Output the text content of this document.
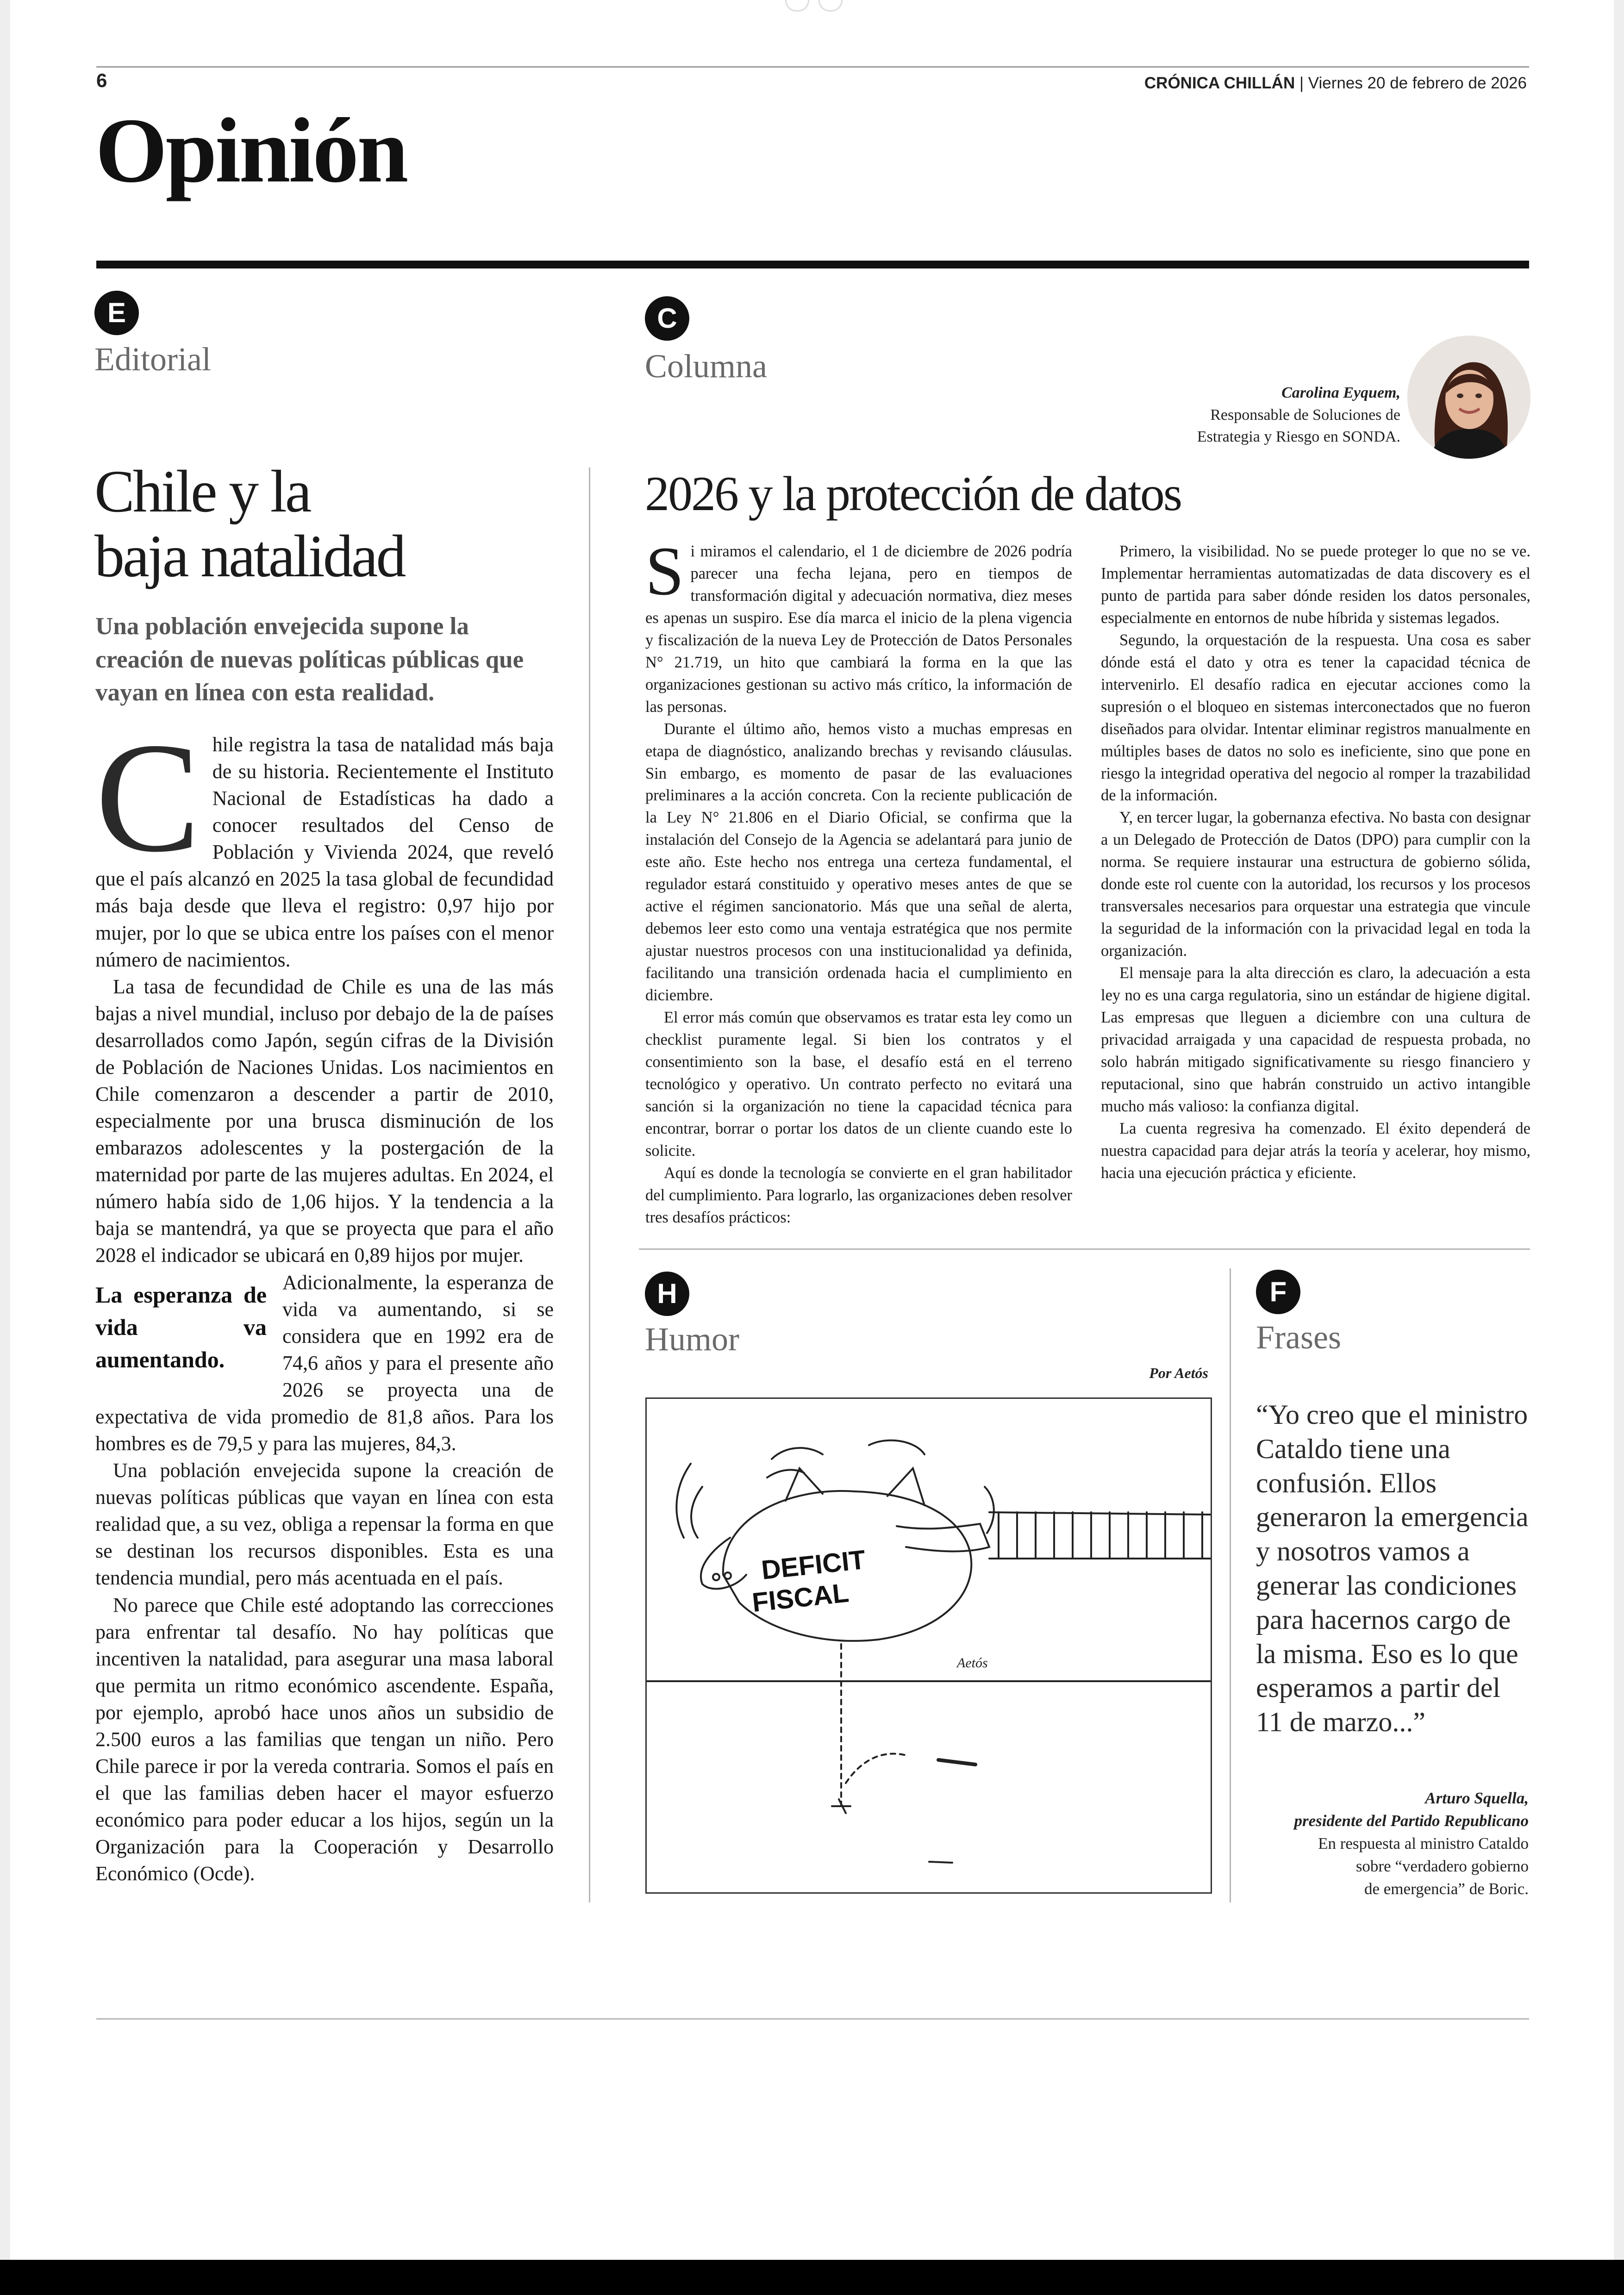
6	CRÓNICA CHILLÁN | Viernes 20 de febrero de 2026
Opinión
E
Editorial
Chile y la
baja natalidad
Una población envejecida supone la creación de nuevas políticas públicas que vayan en línea con esta realidad.

Chile registra la tasa de natalidad más baja de su historia. Recientemente el Instituto Nacional de Estadísticas ha dado a conocer resultados del Censo de Población y Vivienda 2024, que reveló que el país alcanzó en 2025 la tasa global de fecundidad más baja desde que lleva el registro: 0,97 hijo por mujer, por lo que se ubica entre los países con el menor número de nacimientos.

La tasa de fecundidad de Chile es una de las más bajas a nivel mundial, incluso por debajo de la de países desarrollados como Japón, según cifras de la División de Población de Naciones Unidas. Los nacimientos en Chile comenzaron a descender a partir de 2010, especialmente por una brusca disminución de los embarazos adolescentes y la postergación de la maternidad por parte de las mujeres adultas. En 2024, el número había sido de 1,06 hijos. Y la tendencia a la baja se mantendrá, ya que se proyecta que para el año 2028 el indicador se ubicará en 0,89 hijos por mujer.

La esperanza de vida va aumentando.
Adicionalmente, la esperanza de vida va aumentando, si se considera que en 1992 era de 74,6 años y para el presente año 2026 se proyecta una de expectativa de vida promedio de 81,8 años. Para los hombres es de 79,5 y para las mujeres, 84,3.

Una población envejecida supone la creación de nuevas políticas públicas que vayan en línea con esta realidad que, a su vez, obliga a repensar la forma en que se destinan los recursos disponibles. Esta es una tendencia mundial, pero más acentuada en el país.

No parece que Chile esté adoptando las correcciones para enfrentar tal desafío. No hay políticas que incentiven la natalidad, para asegurar una masa laboral que permita un ritmo económico ascendente. España, por ejemplo, aprobó hace unos años un subsidio de 2.500 euros a las familias que tengan un niño. Pero Chile parece ir por la vereda contraria. Somos el país en el que las familias deben hacer el mayor esfuerzo económico para poder educar a los hijos, según un la Organización para la Cooperación y Desarrollo Económico (Ocde).

C
Columna
Carolina Eyquem,
Responsable de Soluciones de
Estrategia y Riesgo en SONDA.
2026 y la protección de datos

Si miramos el calendario, el 1 de diciembre de 2026 podría parecer una fecha lejana, pero en tiempos de transformación digital y adecuación normativa, diez meses es apenas un suspiro. Ese día marca el inicio de la plena vigencia y fiscalización de la nueva Ley de Protección de Datos Personales N° 21.719, un hito que cambiará la forma en la que las organizaciones gestionan su activo más crítico, la información de las personas.

Durante el último año, hemos visto a muchas empresas en etapa de diagnóstico, analizando brechas y revisando cláusulas. Sin embargo, es momento de pasar de las evaluaciones preliminares a la acción concreta. Con la reciente publicación de la Ley N° 21.806 en el Diario Oficial, se confirma que la instalación del Consejo de la Agencia se adelantará para junio de este año. Este hecho nos entrega una certeza fundamental, el regulador estará constituido y operativo meses antes de que se active el régimen sancionatorio. Más que una señal de alerta, debemos leer esto como una ventaja estratégica que nos permite ajustar nuestros procesos con una institucionalidad ya definida, facilitando una transición ordenada hacia el cumplimiento en diciembre.

El error más común que observamos es tratar esta ley como un checklist puramente legal. Si bien los contratos y el consentimiento son la base, el desafío está en el terreno tecnológico y operativo. Un contrato perfecto no evitará una sanción si la organización no tiene la capacidad técnica para encontrar, borrar o portar los datos de un cliente cuando este lo solicite.

Aquí es donde la tecnología se convierte en el gran habilitador del cumplimiento. Para lograrlo, las organizaciones deben resolver tres desafíos prácticos:

Primero, la visibilidad. No se puede proteger lo que no se ve. Implementar herramientas automatizadas de data discovery es el punto de partida para saber dónde residen los datos personales, especialmente en entornos de nube híbrida y sistemas legados.

Segundo, la orquestación de la respuesta. Una cosa es saber dónde está el dato y otra es tener la capacidad técnica de intervenirlo. El desafío radica en ejecutar acciones como la supresión o el bloqueo en sistemas interconectados que no fueron diseñados para olvidar. Intentar eliminar registros manualmente en múltiples bases de datos no solo es ineficiente, sino que pone en riesgo la integridad operativa del negocio al romper la trazabilidad de la información.

Y, en tercer lugar, la gobernanza efectiva. No basta con designar a un Delegado de Protección de Datos (DPO) para cumplir con la norma. Se requiere instaurar una estructura de gobierno sólida, donde este rol cuente con la autoridad, los recursos y los procesos transversales necesarios para orquestar una estrategia que vincule la seguridad de la información con la privacidad legal en toda la organización.

El mensaje para la alta dirección es claro, la adecuación a esta ley no es una carga regulatoria, sino un estándar de higiene digital. Las empresas que lleguen a diciembre con una cultura de privacidad arraigada y una capacidad de respuesta probada, no solo habrán mitigado significativamente su riesgo financiero y reputacional, sino que habrán construido un activo intangible mucho más valioso: la confianza digital.

La cuenta regresiva ha comenzado. El éxito dependerá de nuestra capacidad para dejar atrás la teoría y acelerar, hoy mismo, hacia una ejecución práctica y eficiente.

H
Humor
Por Aetós
DEFICIT
FISCAL
Aetós
F
Frases
“Yo creo que el ministro Cataldo tiene una confusión. Ellos generaron la emergencia y nosotros vamos a generar las condiciones para hacernos cargo de la misma. Eso es lo que esperamos a partir del 11 de marzo...”
Arturo Squella,
presidente del Partido Republicano
En respuesta al ministro Cataldo
sobre “verdadero gobierno
de emergencia” de Boric.
